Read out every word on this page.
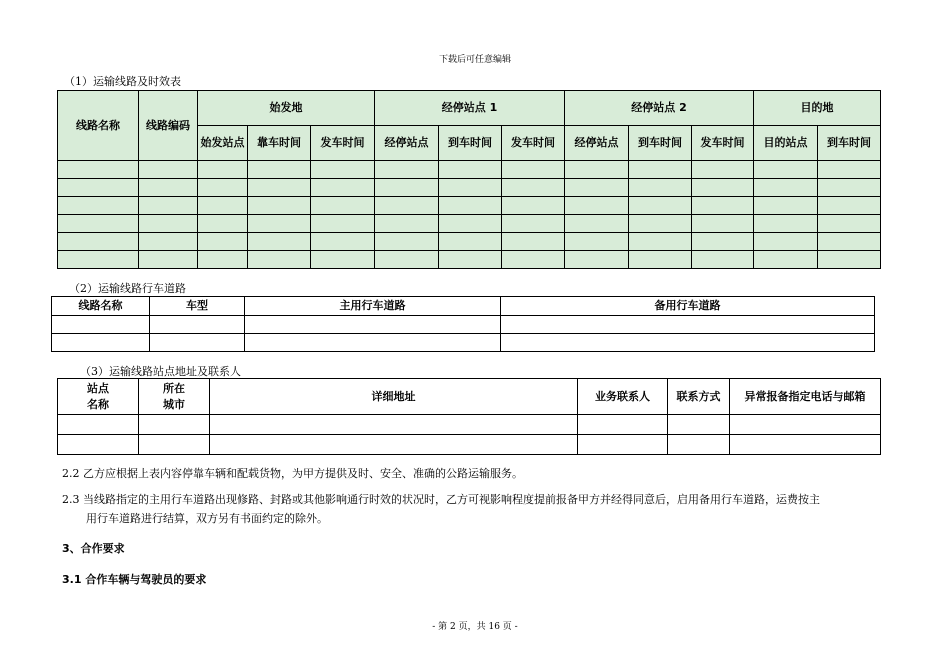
下载后可任意编辑
（1）运输线路及时效表
线路名称	线路编码	始发地			经停站点 1			经停站点 2			目的地	
		始发站点	靠车时间	发车时间	经停站点	到车时间	发车时间	经停站点	到车时间	发车时间	目的站点	到车时间

（2）运输线路行车道路
线路名称	车型	主用行车道路	备用行车道路

（3）运输线路站点地址及联系人
站点名称	所在城市	详细地址	业务联系人	联系方式	异常报备指定电话与邮箱

2.2 乙方应根据上表内容停靠车辆和配载货物，为甲方提供及时、安全、准确的公路运输服务。
2.3 当线路指定的主用行车道路出现修路、封路或其他影响通行时效的状况时，乙方可视影响程度提前报备甲方并经得同意后，启用备用行车道路，运费按主
用行车道路进行结算，双方另有书面约定的除外。
3、合作要求
3.1 合作车辆与驾驶员的要求
- 第 2 页，共 16 页 -
